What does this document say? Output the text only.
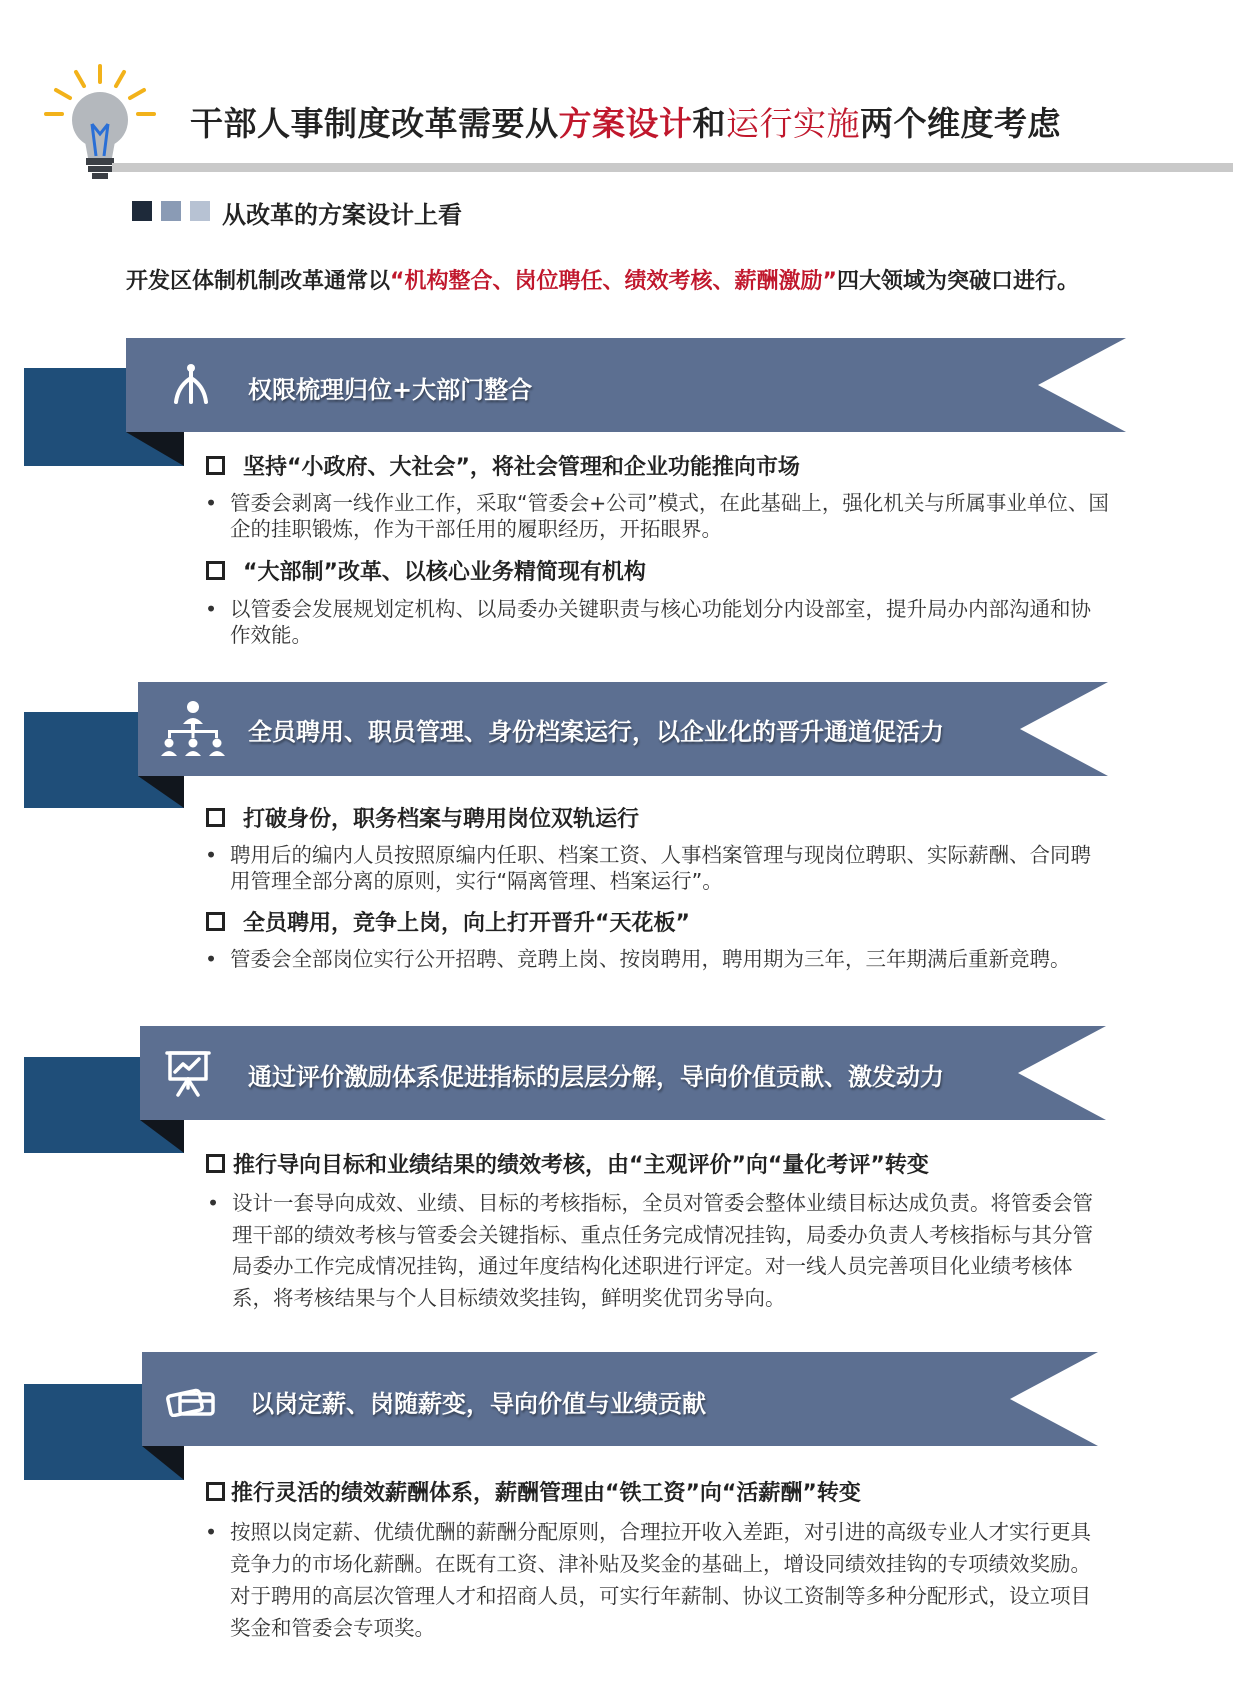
干部人事制度改革需要从方案设计和运行实施两个维度考虑
从改革的方案设计上看
开发区体制机制改革通常以“机构整合、岗位聘任、绩效考核、薪酬激励”四大领域为突破口进行。
权限梳理归位+大部门整合
坚持“小政府、大社会”，将社会管理和企业功能推向市场
• 管委会剥离一线作业工作，采取“管委会+公司”模式，在此基础上，强化机关与所属事业单位、国企的挂职锻炼，作为干部任用的履职经历，开拓眼界。
“大部制”改革、以核心业务精简现有机构
• 以管委会发展规划定机构、以局委办关键职责与核心功能划分内设部室，提升局办内部沟通和协作效能。
全员聘用、职员管理、身份档案运行，以企业化的晋升通道促活力
打破身份，职务档案与聘用岗位双轨运行
• 聘用后的编内人员按照原编内任职、档案工资、人事档案管理与现岗位聘职、实际薪酬、合同聘用管理全部分离的原则，实行“隔离管理、档案运行”。
全员聘用，竞争上岗，向上打开晋升“天花板”
• 管委会全部岗位实行公开招聘、竞聘上岗、按岗聘用，聘用期为三年，三年期满后重新竞聘。
通过评价激励体系促进指标的层层分解，导向价值贡献、激发动力
推行导向目标和业绩结果的绩效考核，由“主观评价”向“量化考评”转变
• 设计一套导向成效、业绩、目标的考核指标，全员对管委会整体业绩目标达成负责。将管委会管理干部的绩效考核与管委会关键指标、重点任务完成情况挂钩，局委办负责人考核指标与其分管局委办工作完成情况挂钩，通过年度结构化述职进行评定。对一线人员完善项目化业绩考核体系，将考核结果与个人目标绩效奖挂钩，鲜明奖优罚劣导向。
以岗定薪、岗随薪变，导向价值与业绩贡献
推行灵活的绩效薪酬体系，薪酬管理由“铁工资”向“活薪酬”转变
• 按照以岗定薪、优绩优酬的薪酬分配原则，合理拉开收入差距，对引进的高级专业人才实行更具竞争力的市场化薪酬。在既有工资、津补贴及奖金的基础上，增设同绩效挂钩的专项绩效奖励。对于聘用的高层次管理人才和招商人员，可实行年薪制、协议工资制等多种分配形式，设立项目奖金和管委会专项奖。
